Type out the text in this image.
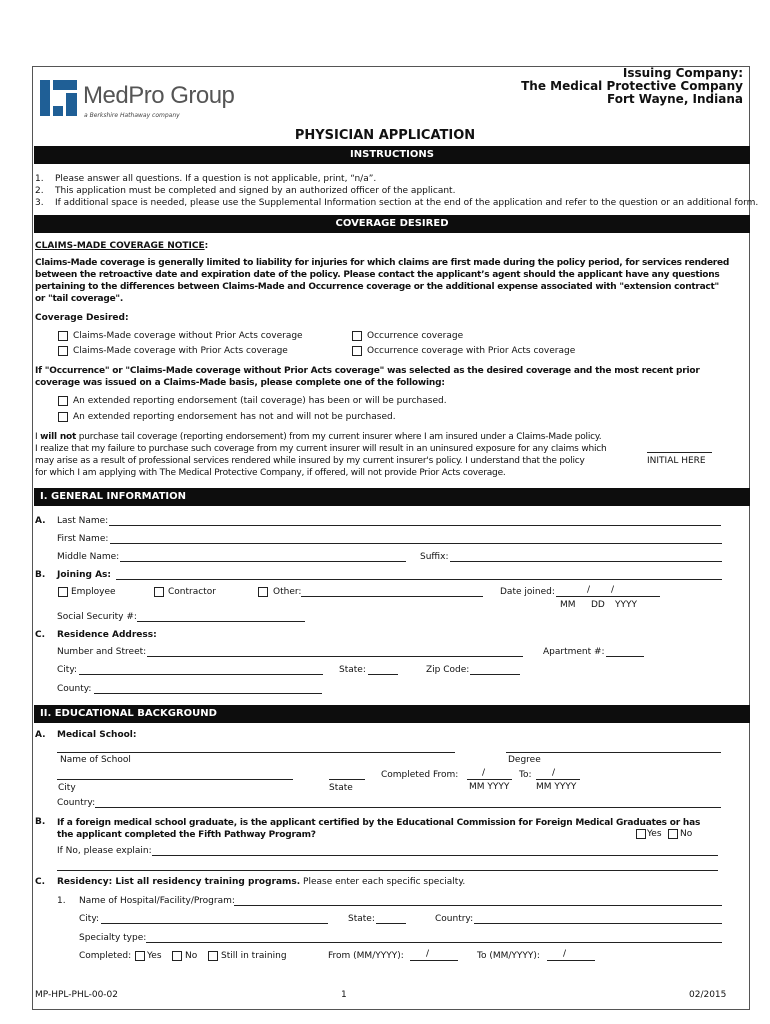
MedPro Group
a Berkshire Hathaway company
Issuing Company:
The Medical Protective Company
Fort Wayne, Indiana
PHYSICIAN APPLICATION
INSTRUCTIONS
1. Please answer all questions. If a question is not applicable, print, “n/a”.
2. This application must be completed and signed by an authorized officer of the applicant.
3. If additional space is needed, please use the Supplemental Information section at the end of the application and refer to the question or an additional form.
COVERAGE DESIRED
CLAIMS-MADE COVERAGE NOTICE:
Claims-Made coverage is generally limited to liability for injuries for which claims are first made during the policy period, for services rendered
between the retroactive date and expiration date of the policy. Please contact the applicant’s agent should the applicant have any questions
pertaining to the differences between Claims-Made and Occurrence coverage or the additional expense associated with "extension contract"
or "tail coverage".
Coverage Desired:
Claims-Made coverage without Prior Acts coverage
Claims-Made coverage with Prior Acts coverage
Occurrence coverage
Occurrence coverage with Prior Acts coverage
If "Occurrence" or "Claims-Made coverage without Prior Acts coverage" was selected as the desired coverage and the most recent prior
coverage was issued on a Claims-Made basis, please complete one of the following:
An extended reporting endorsement (tail coverage) has been or will be purchased.
An extended reporting endorsement has not and will not be purchased.
I will not purchase tail coverage (reporting endorsement) from my current insurer where I am insured under a Claims-Made policy.
I realize that my failure to purchase such coverage from my current insurer will result in an uninsured exposure for any claims which
may arise as a result of professional services rendered while insured by my current insurer's policy. I understand that the policy
for which I am applying with The Medical Protective Company, if offered, will not provide Prior Acts coverage.
INITIAL HERE
I. GENERAL INFORMATION
A. Last Name:
First Name:
Middle Name:	Suffix:
B. Joining As:
Employee	Contractor	Other:	Date joined:	/ /
MM DD YYYY
Social Security #:
C. Residence Address:
Number and Street:	Apartment #:
City:	State:	Zip Code:
County:
II. EDUCATIONAL BACKGROUND
A. Medical School:
Name of School	Degree
Completed From:	/	To: /
City	State	MM YYYY	MM YYYY
Country:
B. If a foreign medical school graduate, is the applicant certified by the Educational Commission for Foreign Medical Graduates or has
the applicant completed the Fifth Pathway Program?	Yes No
If No, please explain:
C. Residency: List all residency training programs. Please enter each specific specialty.
1. Name of Hospital/Facility/Program:
City:	State:	Country:
Specialty type:
Completed: Yes	No	Still in training	From (MM/YYYY): /	To (MM/YYYY):	/
MP-HPL-PHL-00-02	1	02/2015
